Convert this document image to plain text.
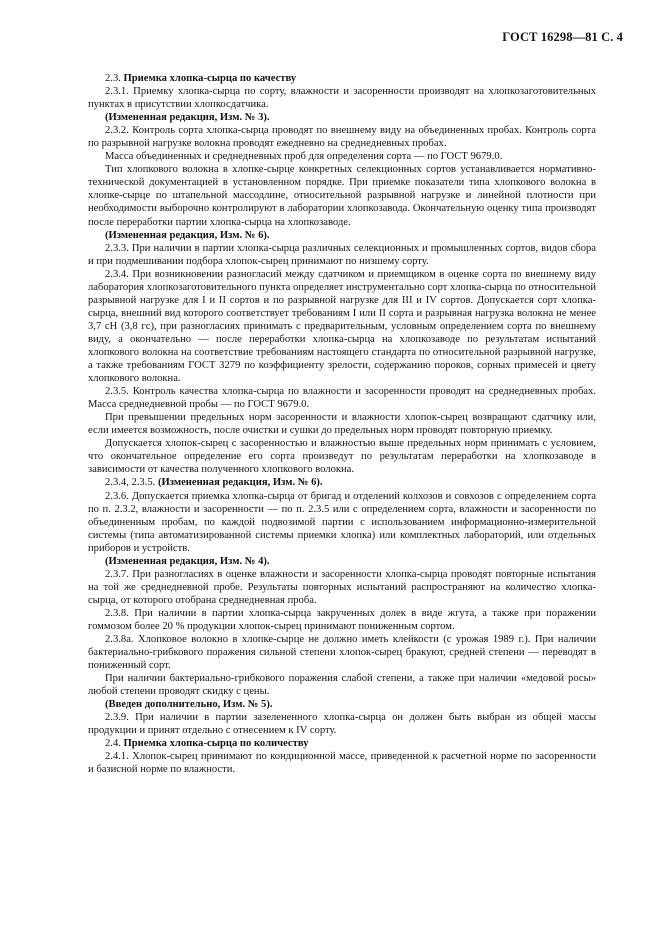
ГОСТ 16298—81 С. 4

2.3. Приемка хлопка-сырца по качеству

2.3.1. Приемку хлопка-сырца по сорту, влажности и засоренности производят на хлопкозаготовительных пунктах в присутствии хлопкосдатчика.

(Измененная редакция, Изм. № 3).

2.3.2. Контроль сорта хлопка-сырца проводят по внешнему виду на объединенных пробах. Контроль сорта по разрывной нагрузке волокна проводят ежедневно на среднедневных пробах.

Масса объединенных и среднедневных проб для определения сорта — по ГОСТ 9679.0.

Тип хлопкового волокна в хлопке-сырце конкретных селекционных сортов устанавливается нормативно-технической документацией в установленном порядке. При приемке показатели типа хлопкового волокна в хлопке-сырце по штапельной массодлине, относительной разрывной нагрузке и линейной плотности при необходимости выборочно контролируют в лаборатории хлопкозавода. Окончательную оценку типа производят после переработки партии хлопка-сырца на хлопкозаводе.

(Измененная редакция, Изм. № 6).

2.3.3. При наличии в партии хлопка-сырца различных селекционных и промышленных сортов, видов сбора и при подмешивании подбора хлопок-сырец принимают по низшему сорту.

2.3.4. При возникновении разногласий между сдатчиком и приемщиком в оценке сорта по внешнему виду лаборатория хлопкозаготовительного пункта определяет инструментально сорт хлопка-сырца по относительной разрывной нагрузке для I и II сортов и по разрывной нагрузке для III и IV сортов. Допускается сорт хлопка-сырца, внешний вид которого соответствует требованиям I или II сорта и разрывная нагрузка волокна не менее 3,7 сН (3,8 гс), при разногласиях принимать с предварительным, условным определением сорта по внешнему виду, а окончательно — после переработки хлопка-сырца на хлопкозаводе по результатам испытаний хлопкового волокна на соответствие требованиям настоящего стандарта по относительной разрывной нагрузке, а также требованиям ГОСТ 3279 по коэффициенту зрелости, содержанию пороков, сорных примесей и цвету хлопкового волокна.

2.3.5. Контроль качества хлопка-сырца по влажности и засоренности проводят на среднедневных пробах. Масса среднедневной пробы — по ГОСТ 9679.0.

При превышении предельных норм засоренности и влажности хлопок-сырец возвращают сдатчику или, если имеется возможность, после очистки и сушки до предельных норм проводят повторную приемку.

Допускается хлопок-сырец с засоренностью и влажностью выше предельных норм принимать с условием, что окончательное определение его сорта произведут по результатам переработки на хлопкозаводе в зависимости от качества полученного хлопкового волокна.

2.3.4, 2.3.5. (Измененная редакция, Изм. № 6).

2.3.6. Допускается приемка хлопка-сырца от бригад и отделений колхозов и совхозов с определением сорта по п. 2.3.2, влажности и засоренности — по п. 2.3.5 или с определением сорта, влажности и засоренности по объединенным пробам, по каждой подвозимой партии с использованием информационно-измерительной системы (типа автоматизированной системы приемки хлопка) или комплектных лабораторий, или отдельных приборов и устройств.

(Измененная редакция, Изм. № 4).

2.3.7. При разногласиях в оценке влажности и засоренности хлопка-сырца проводят повторные испытания на той же среднедневной пробе. Результаты повторных испытаний распространяют на количество хлопка-сырца, от которого отобрана среднедневная проба.

2.3.8. При наличии в партии хлопка-сырца закрученных долек в виде жгута, а также при поражении гоммозом более 20 % продукции хлопок-сырец принимают пониженным сортом.

2.3.8а. Хлопковое волокно в хлопке-сырце не должно иметь клейкости (с урожая 1989 г.). При наличии бактериально-грибкового поражения сильной степени хлопок-сырец бракуют, средней степени — переводят в пониженный сорт.

При наличии бактериально-грибкового поражения слабой степени, а также при наличии «медовой росы» любой степени проводят скидку с цены.

(Введен дополнительно, Изм. № 5).

2.3.9. При наличии в партии зазелененного хлопка-сырца он должен быть выбран из общей массы продукции и принят отдельно с отнесением к IV сорту.

2.4. Приемка хлопка-сырца по количеству

2.4.1. Хлопок-сырец принимают по кондиционной массе, приведенной к расчетной норме по засоренности и базисной норме по влажности.
